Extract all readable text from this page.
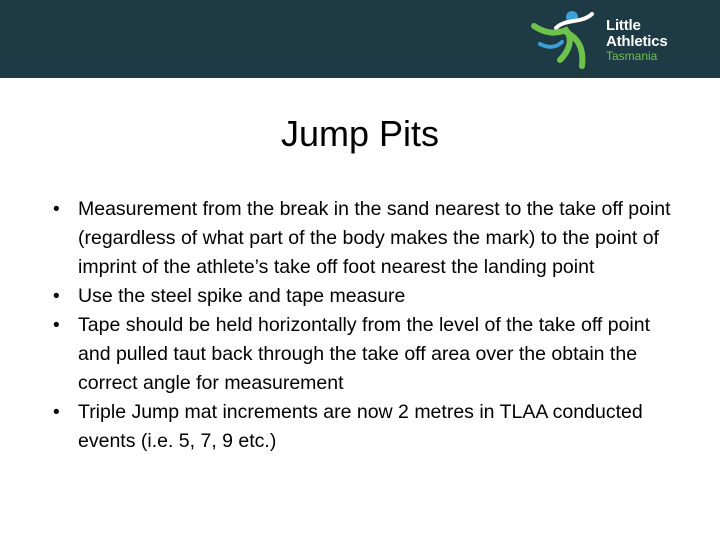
Little
Athletics
Tasmania
Jump Pits
• Measurement from the break in the sand nearest to the take off point (regardless of what part of the body makes the mark) to the point of imprint of the athlete’s take off foot nearest the landing point
• Use the steel spike and tape measure
• Tape should be held horizontally from the level of the take off point and pulled taut back through the take off area over the obtain the correct angle for measurement
• Triple Jump mat increments are now 2 metres in TLAA conducted events (i.e. 5, 7, 9 etc.)
